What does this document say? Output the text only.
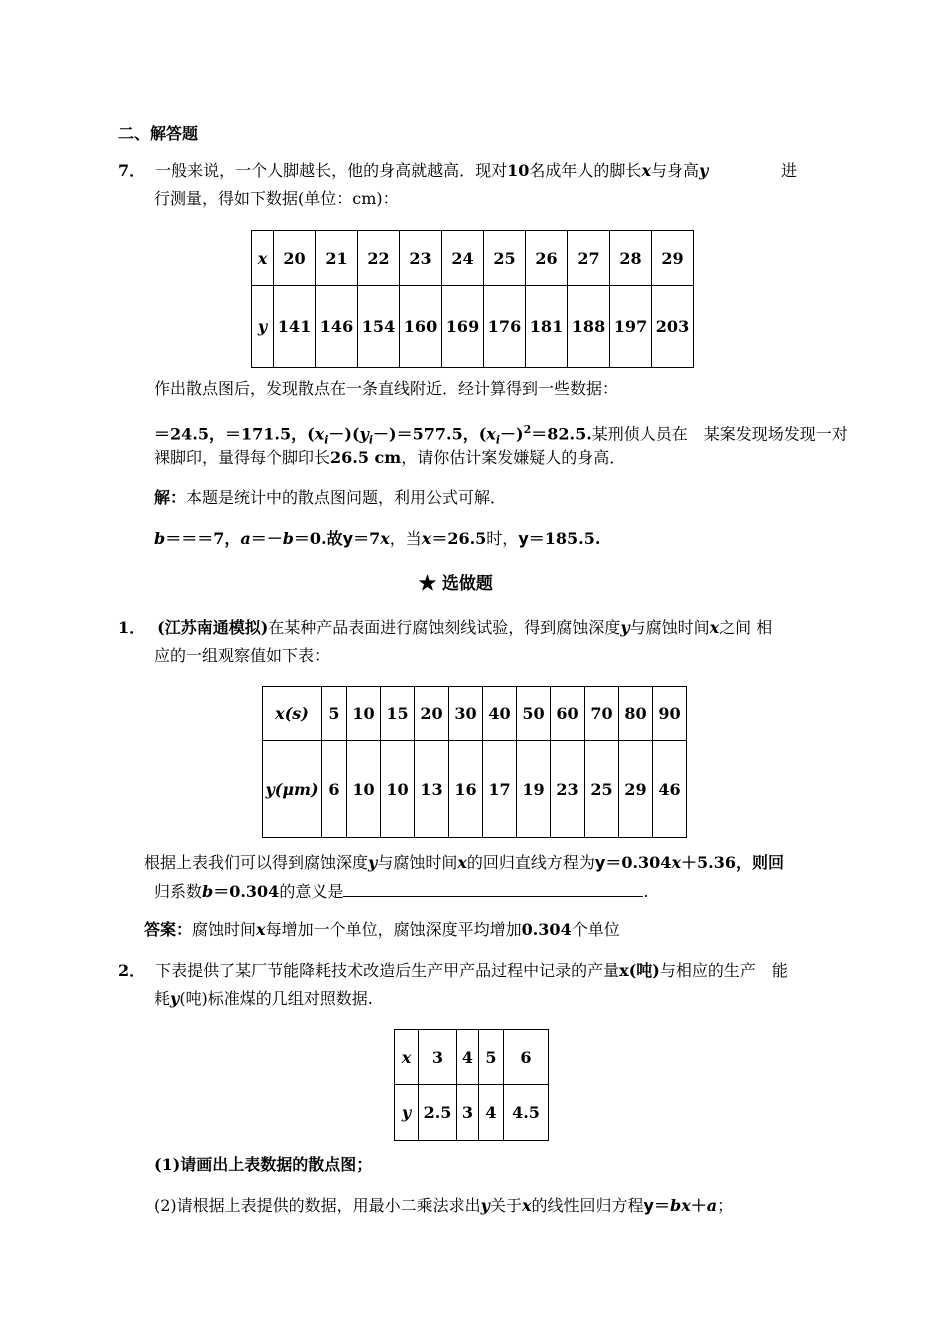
二、解答题
7． 一般来说，一个人脚越长，他的身高就越高．现对10名成年人的脚长x与身高y	进
行测量，得如下数据(单位：cm)：
x	20	21	22	23	24	25	26	27	28	29
y	141	146	154	160	169	176	181	188	197	203
作出散点图后，发现散点在一条直线附近．经计算得到一些数据：
＝24.5，＝171.5，$(x_i-)(y_i-)=577.5$，$(x_i-)^2=82.5$.某刑侦人员在　某案发现场发现一对
裸脚印，量得每个脚印长26.5 cm，请你估计案发嫌疑人的身高．
解：本题是统计中的散点图问题，利用公式可解．
b＝＝＝7，a＝－b＝0.故y＝7x，当x＝26.5时，y＝185.5.
★ 选做题
1． (江苏南通模拟)在某种产品表面进行腐蚀刻线试验，得到腐蚀深度y与腐蚀时间x之间 相
应的一组观察值如下表：
x(s)	5	10	15	20	30	40	50	60	70	80	90
y(μm)	6	10	10	13	16	17	19	23	25	29	46
根据上表我们可以得到腐蚀深度y与腐蚀时间x的回归直线方程为y＝0.304x＋5.36，则回
归系数b＝0.304的意义是	.
答案：腐蚀时间x每增加一个单位，腐蚀深度平均增加0.304个单位
2． 下表提供了某厂节能降耗技术改造后生产甲产品过程中记录的产量x(吨)与相应的生产　能
耗y(吨)标准煤的几组对照数据.
x	3	4	5	6
y	2.5	3	4	4.5
(1)请画出上表数据的散点图；
(2)请根据上表提供的数据，用最小二乘法求出y关于x的线性回归方程y＝bx＋a；
